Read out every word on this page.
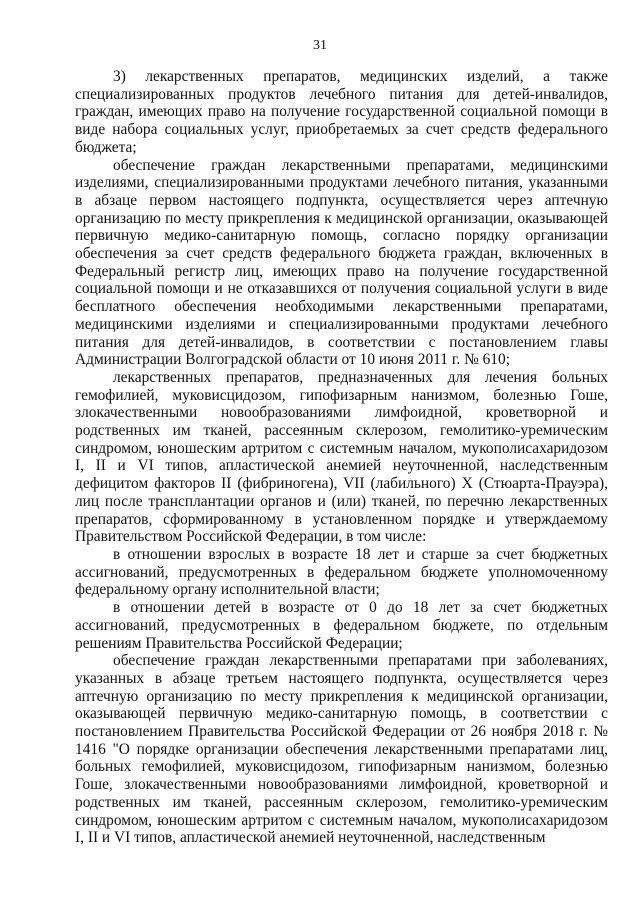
31

3) лекарственных препаратов, медицинских изделий, а также специализированных продуктов лечебного питания для детей-инвалидов, граждан, имеющих право на получение государственной социальной помощи в виде набора социальных услуг, приобретаемых за счет средств федерального бюджета;

обеспечение граждан лекарственными препаратами, медицинскими изделиями, специализированными продуктами лечебного питания, указанными в абзаце первом настоящего подпункта, осуществляется через аптечную организацию по месту прикрепления к медицинской организации, оказывающей первичную медико-санитарную помощь, согласно порядку организации обеспечения за счет средств федерального бюджета граждан, включенных в Федеральный регистр лиц, имеющих право на получение государственной социальной помощи и не отказавшихся от получения социальной услуги в виде бесплатного обеспечения необходимыми лекарственными препаратами, медицинскими изделиями и специализированными продуктами лечебного питания для детей-инвалидов, в соответствии с постановлением главы Администрации Волгоградской области от 10 июня 2011 г. № 610;

лекарственных препаратов, предназначенных для лечения больных гемофилией, муковисцидозом, гипофизарным нанизмом, болезнью Гоше, злокачественными новообразованиями лимфоидной, кроветворной и родственных им тканей, рассеянным склерозом, гемолитико-уремическим синдромом, юношеским артритом с системным началом, мукополисахаридозом I, II и VI типов, апластической анемией неуточненной, наследственным дефицитом факторов II (фибриногена), VII (лабильного) X (Стюарта-Прауэра), лиц после трансплантации органов и (или) тканей, по перечню лекарственных препаратов, сформированному в установленном порядке и утверждаемому Правительством Российской Федерации, в том числе:

в отношении взрослых в возрасте 18 лет и старше за счет бюджетных ассигнований, предусмотренных в федеральном бюджете уполномоченному федеральному органу исполнительной власти;

в отношении детей в возрасте от 0 до 18 лет за счет бюджетных ассигнований, предусмотренных в федеральном бюджете, по отдельным решениям Правительства Российской Федерации;

обеспечение граждан лекарственными препаратами при заболеваниях, указанных в абзаце третьем настоящего подпункта, осуществляется через аптечную организацию по месту прикрепления к медицинской организации, оказывающей первичную медико-санитарную помощь, в соответствии с постановлением Правительства Российской Федерации от 26 ноября 2018 г. № 1416 "О порядке организации обеспечения лекарственными препаратами лиц, больных гемофилией, муковисцидозом, гипофизарным нанизмом, болезнью Гоше, злокачественными новообразованиями лимфоидной, кроветворной и родственных им тканей, рассеянным склерозом, гемолитико-уремическим синдромом, юношеским артритом с системным началом, мукополисахаридозом I, II и VI типов, апластической анемией неуточненной, наследственным
